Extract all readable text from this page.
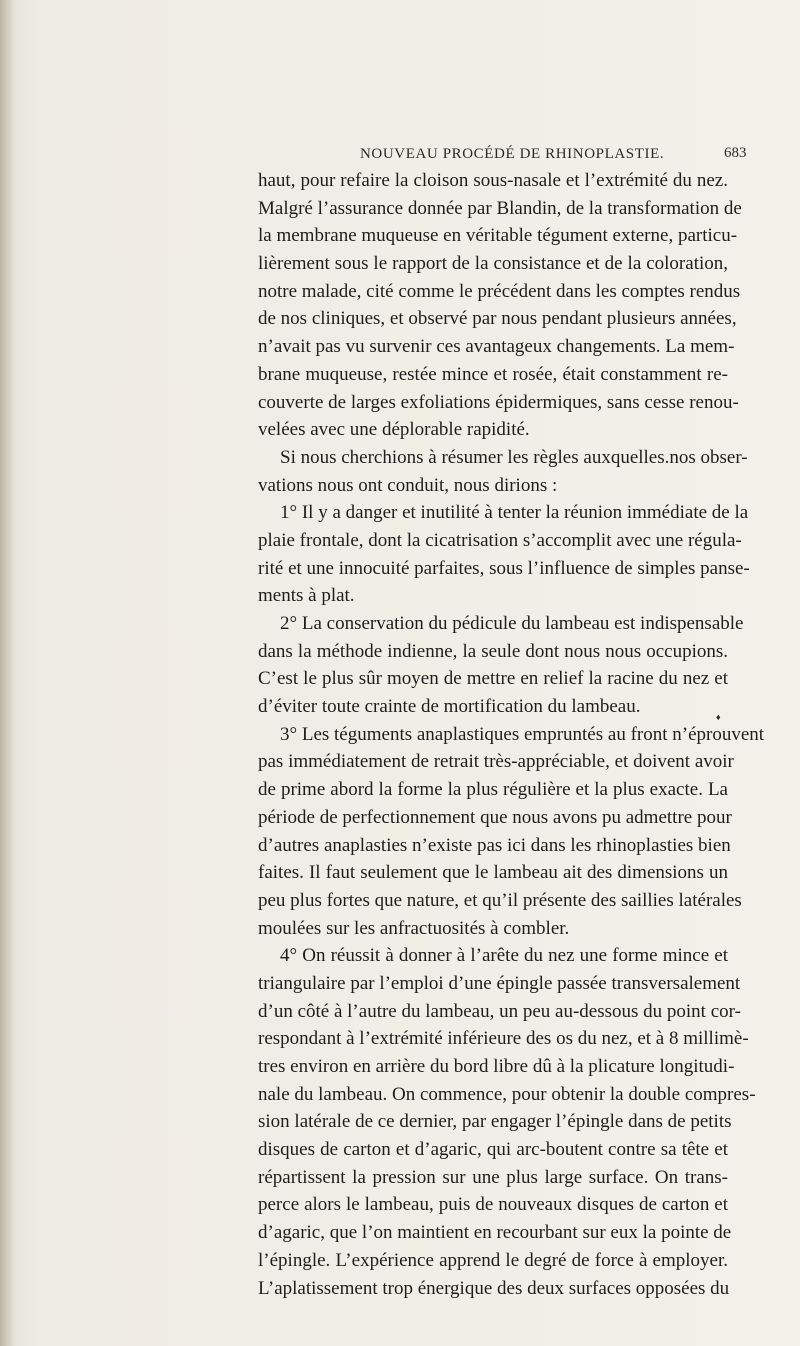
NOUVEAU PROCÉDÉ DE RHINOPLASTIE.	683
♦
haut, pour refaire la cloison sous-nasale et l’extrémité du nez.
Malgré l’assurance donnée par Blandin, de la transformation de
la membrane muqueuse en véritable tégument externe, particu-
lièrement sous le rapport de la consistance et de la coloration,
notre malade, cité comme le précédent dans les comptes rendus
de nos cliniques, et observé par nous pendant plusieurs années,
n’avait pas vu survenir ces avantageux changements. La mem-
brane muqueuse, restée mince et rosée, était constamment re-
couverte de larges exfoliations épidermiques, sans cesse renou-
velées avec une déplorable rapidité.
Si nous cherchions à résumer les règles auxquelles.nos obser-
vations nous ont conduit, nous dirions :
1° Il y a danger et inutilité à tenter la réunion immédiate de la
plaie frontale, dont la cicatrisation s’accomplit avec une régula-
rité et une innocuité parfaites, sous l’influence de simples panse-
ments à plat.
2° La conservation du pédicule du lambeau est indispensable
dans la méthode indienne, la seule dont nous nous occupions.
C’est le plus sûr moyen de mettre en relief la racine du nez et
d’éviter toute crainte de mortification du lambeau.
3° Les téguments anaplastiques empruntés au front n’éprouvent
pas immédiatement de retrait très-appréciable, et doivent avoir
de prime abord la forme la plus régulière et la plus exacte. La
période de perfectionnement que nous avons pu admettre pour
d’autres anaplasties n’existe pas ici dans les rhinoplasties bien
faites. Il faut seulement que le lambeau ait des dimensions un
peu plus fortes que nature, et qu’il présente des saillies latérales
moulées sur les anfractuosités à combler.
4° On réussit à donner à l’arête du nez une forme mince et
triangulaire par l’emploi d’une épingle passée transversalement
d’un côté à l’autre du lambeau, un peu au-dessous du point cor-
respondant à l’extrémité inférieure des os du nez, et à 8 millimè-
tres environ en arrière du bord libre dû à la plicature longitudi-
nale du lambeau. On commence, pour obtenir la double compres-
sion latérale de ce dernier, par engager l’épingle dans de petits
disques de carton et d’agaric, qui arc-boutent contre sa tête et
répartissent la pression sur une plus large surface. On trans-
perce alors le lambeau, puis de nouveaux disques de carton et
d’agaric, que l’on maintient en recourbant sur eux la pointe de
l’épingle. L’expérience apprend le degré de force à employer.
L’aplatissement trop énergique des deux surfaces opposées du
